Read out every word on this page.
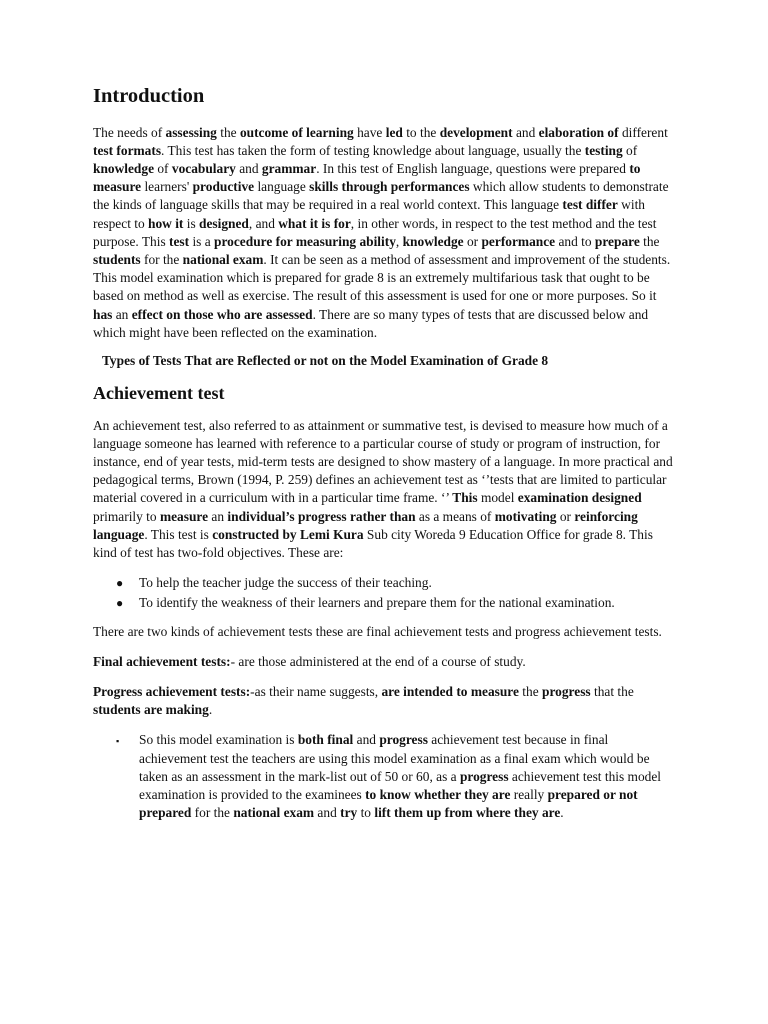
Introduction

The needs of assessing the outcome of learning have led to the development and elaboration of different test formats. This test has taken the form of testing knowledge about language, usually the testing of knowledge of vocabulary and grammar. In this test of English language, questions were prepared to measure learners' productive language skills through performances which allow students to demonstrate the kinds of language skills that may be required in a real world context. This language test differ with respect to how it is designed, and what it is for, in other words, in respect to the test method and the test purpose. This test is a procedure for measuring ability, knowledge or performance and to prepare the students for the national exam. It can be seen as a method of assessment and improvement of the students. This model examination which is prepared for grade 8 is an extremely multifarious task that ought to be based on method as well as exercise. The result of this assessment is used for one or more purposes. So it has an effect on those who are assessed. There are so many types of tests that are discussed below and which might have been reflected on the examination.

Types of Tests That are Reflected or not on the Model Examination of Grade 8
Achievement test

An achievement test, also referred to as attainment or summative test, is devised to measure how much of a language someone has learned with reference to a particular course of study or program of instruction, for instance, end of year tests, mid-term tests are designed to show mastery of a language. In more practical and pedagogical terms, Brown (1994, P. 259) defines an achievement test as ‘’tests that are limited to particular material covered in a curriculum with in a particular time frame. ‘’ This model examination designed primarily to measure an individual’s progress rather than as a means of motivating or reinforcing language. This test is constructed by Lemi Kura Sub city Woreda 9 Education Office for grade 8. This kind of test has two-fold objectives. These are:

● To help the teacher judge the success of their teaching.
● To identify the weakness of their learners and prepare them for the national examination.

There are two kinds of achievement tests these are final achievement tests and progress achievement tests.

Final achievement tests:- are those administered at the end of a course of study.

Progress achievement tests:-as their name suggests, are intended to measure the progress that the students are making.

▪ So this model examination is both final and progress achievement test because in final achievement test the teachers are using this model examination as a final exam which would be taken as an assessment in the mark-list out of 50 or 60, as a progress achievement test this model examination is provided to the examinees to know whether they are really prepared or not prepared for the national exam and try to lift them up from where they are.
